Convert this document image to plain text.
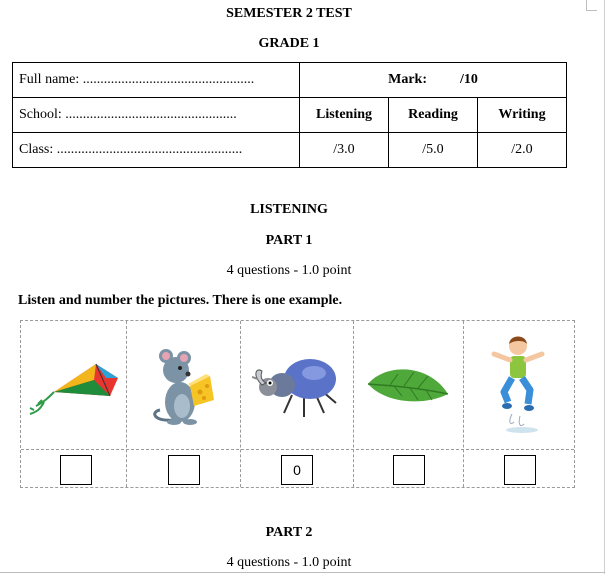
SEMESTER 2 TEST
GRADE 1
Full name: .................................................	Mark: /10		
School: .................................................	Listening	Reading	Writing
Class: .....................................................	/3.0	/5.0	/2.0
LISTENING
PART 1
4 questions - 1.0 point
Listen and number the pictures. There is one example.
0
PART 2
4 questions - 1.0 point
